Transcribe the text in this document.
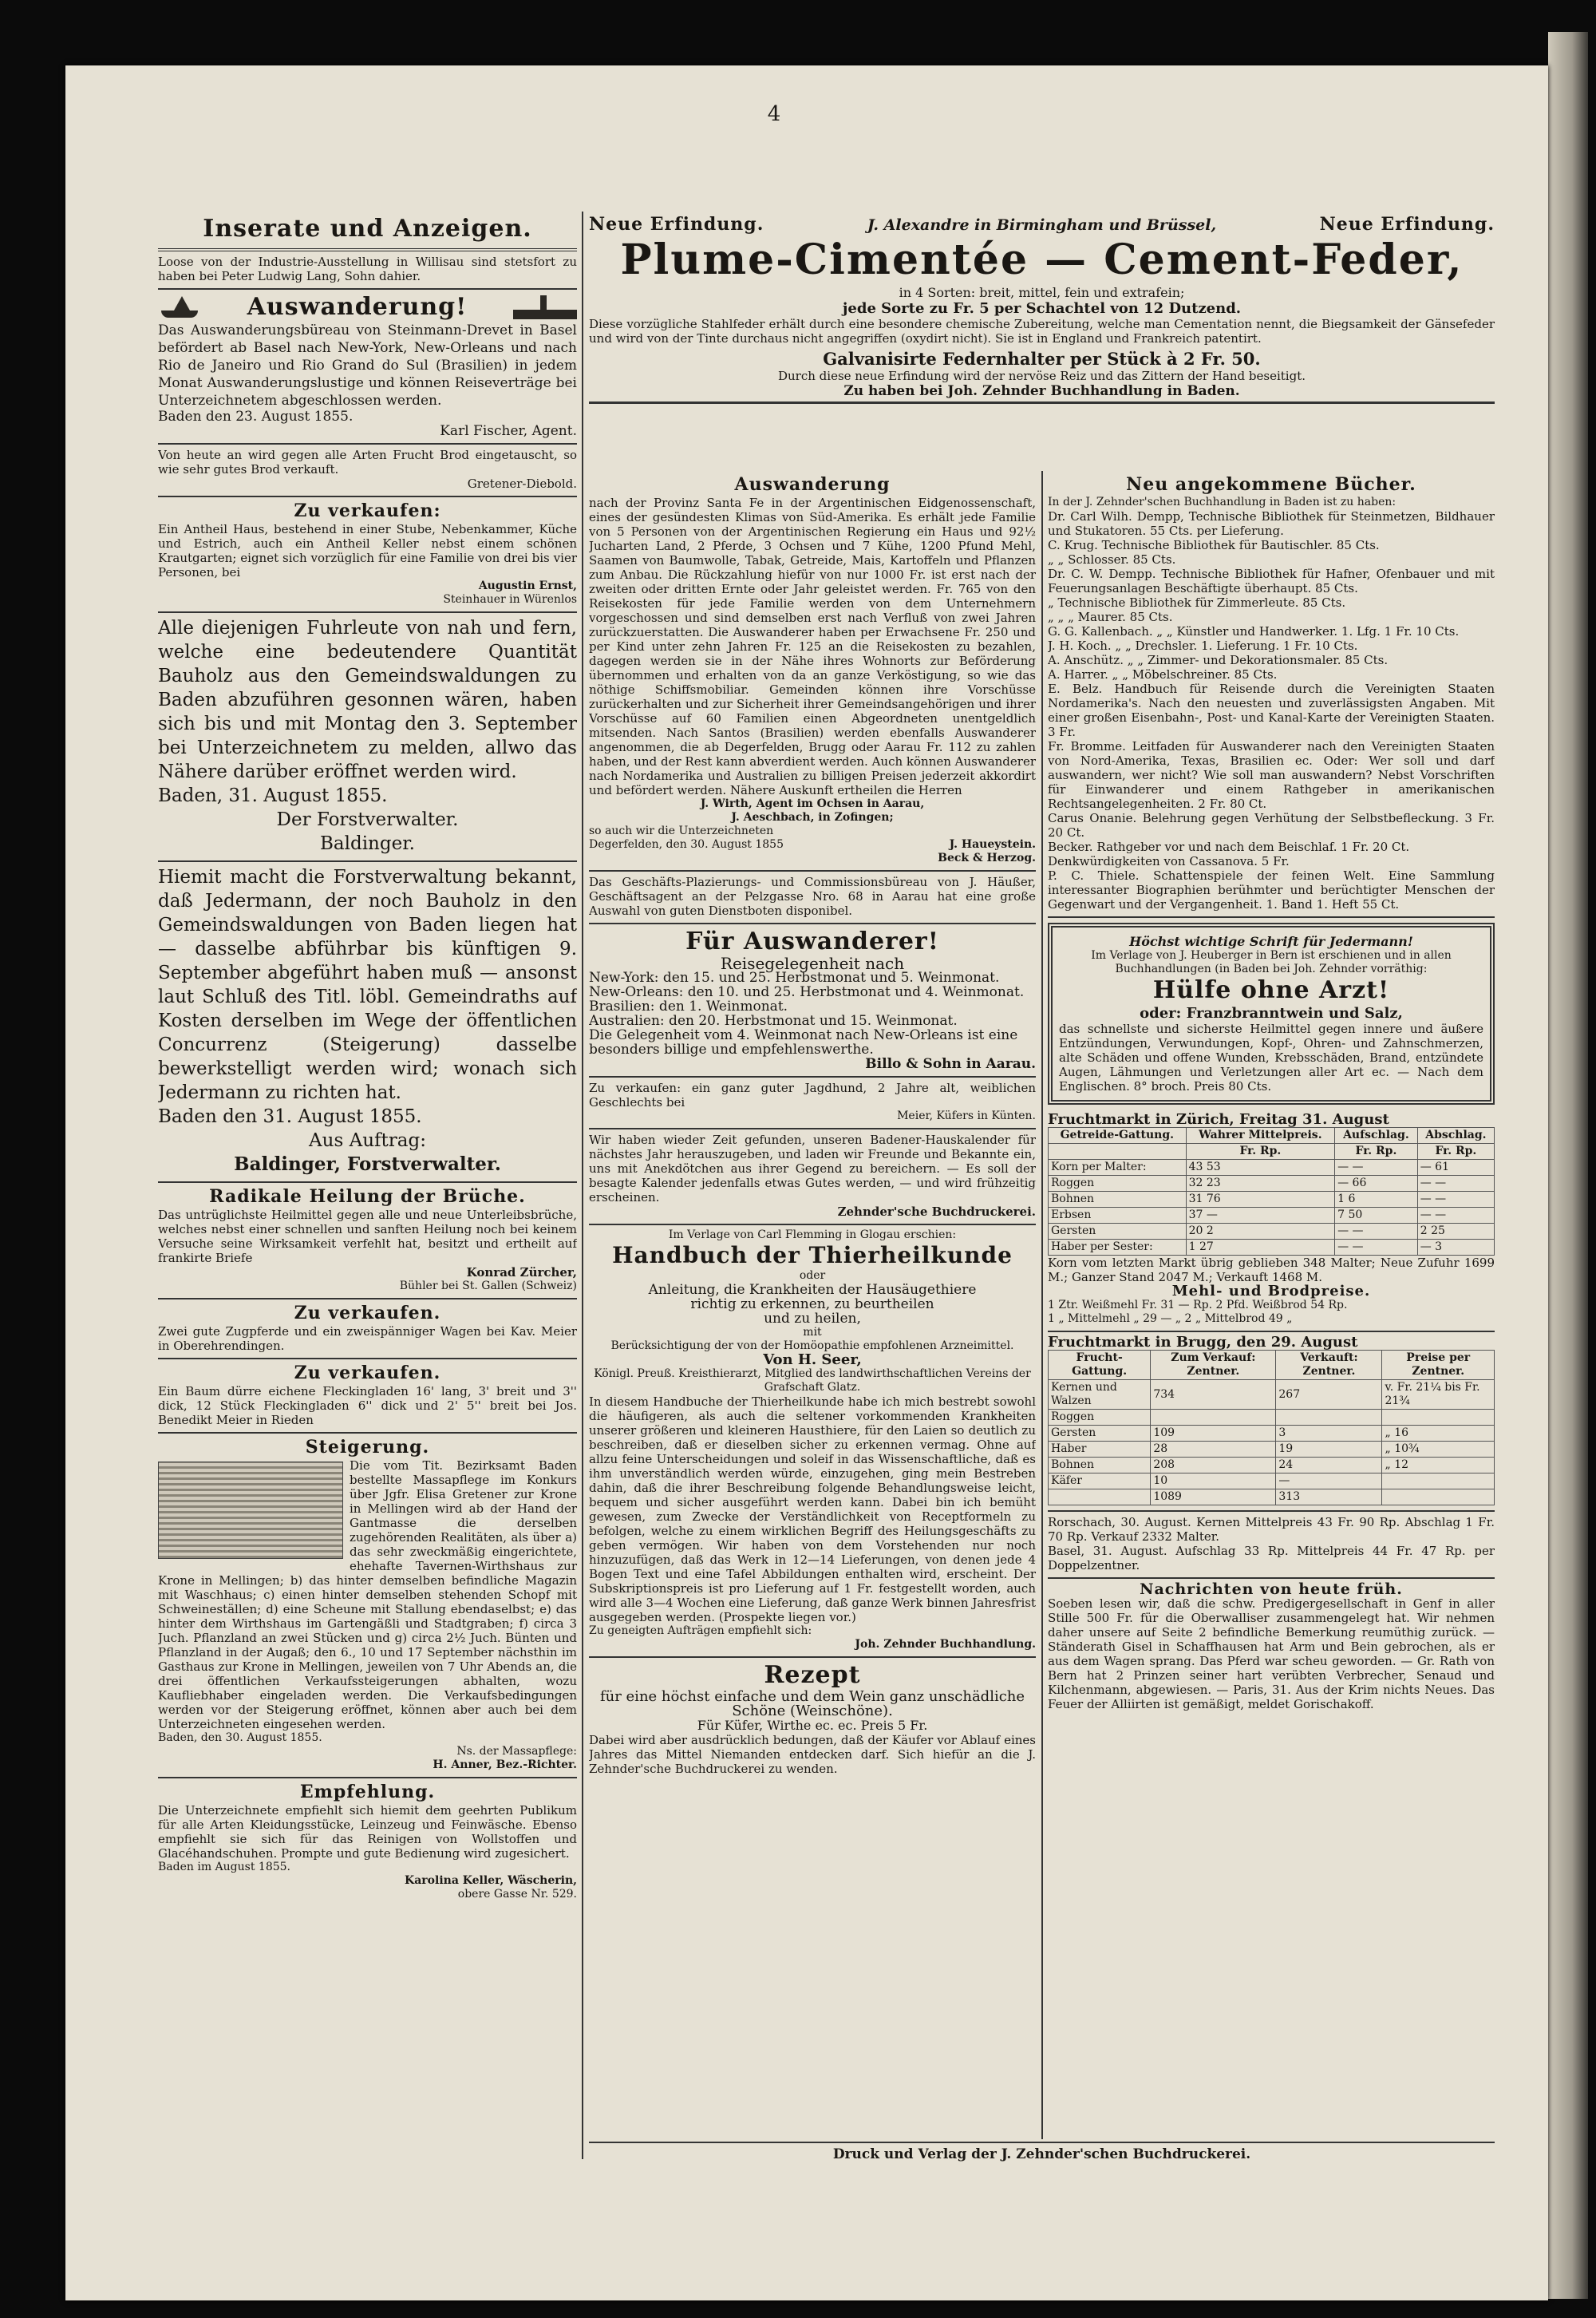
4
Inserate und Anzeigen.
Loose von der Industrie-Ausstellung in Willisau sind stetsfort zu haben bei Peter Ludwig Lang, Sohn dahier.
Auswanderung!
Das Auswanderungsbüreau von Steinmann-Drevet in Basel befördert ab Basel nach New-York, New-Orleans und nach Rio de Janeiro und Rio Grand do Sul (Brasilien) in jedem Monat Auswanderungslustige und können Reiseverträge bei Unterzeichnetem abgeschlossen werden.
Baden den 23. August 1855.
Karl Fischer, Agent.
Von heute an wird gegen alle Arten Frucht Brod eingetauscht, so wie sehr gutes Brod verkauft.
Gretener-Diebold.
Zu verkaufen:
Ein Antheil Haus, bestehend in einer Stube, Nebenkammer, Küche und Estrich, auch ein Antheil Keller nebst einem schönen Krautgarten; eignet sich vorzüglich für eine Familie von drei bis vier Personen, bei
Augustin Ernst,
Steinhauer in Würenlos
Alle diejenigen Fuhrleute von nah und fern, welche eine bedeutendere Quantität Bauholz aus den Gemeindswaldungen zu Baden abzuführen gesonnen wären, haben sich bis und mit Montag den 3. September bei Unterzeichnetem zu melden, allwo das Nähere darüber eröffnet werden wird.
Baden, 31. August 1855.
Der Forstverwalter.
Baldinger.
Hiemit macht die Forstverwaltung bekannt, daß Jedermann, der noch Bauholz in den Gemeindswaldungen von Baden liegen hat — dasselbe abführbar bis künftigen 9. September abgeführt haben muß — ansonst laut Schluß des Titl. löbl. Gemeindraths auf Kosten derselben im Wege der öffentlichen Concurrenz (Steigerung) dasselbe bewerkstelligt werden wird; wonach sich Jedermann zu richten hat.
Baden den 31. August 1855.
Aus Auftrag:
Baldinger, Forstverwalter.
Radikale Heilung der Brüche.
Das untrüglichste Heilmittel gegen alle und neue Unterleibsbrüche, welches nebst einer schnellen und sanften Heilung noch bei keinem Versuche seine Wirksamkeit verfehlt hat, besitzt und ertheilt auf frankirte Briefe
Konrad Zürcher,
Bühler bei St. Gallen (Schweiz)
Zu verkaufen.
Zwei gute Zugpferde und ein zweispänniger Wagen bei Kav. Meier in Oberehrendingen.
Zu verkaufen.
Ein Baum dürre eichene Fleckingladen 16' lang, 3' breit und 3'' dick, 12 Stück Fleckingladen 6'' dick und 2' 5'' breit bei Jos. Benedikt Meier in Rieden
Steigerung.
Die vom Tit. Bezirksamt Baden bestellte Massapflege im Konkurs über Jgfr. Elisa Gretener zur Krone in Mellingen wird ab der Hand der Gantmasse die derselben zugehörenden Realitäten, als über a) das sehr zweckmäßig eingerichtete, ehehafte Tavernen-Wirthshaus zur Krone in Mellingen; b) das hinter demselben befindliche Magazin mit Waschhaus; c) einen hinter demselben stehenden Schopf mit Schweineställen; d) eine Scheune mit Stallung ebendaselbst; e) das hinter dem Wirthshaus im Gartengäßli und Stadtgraben; f) circa 3 Juch. Pflanzland an zwei Stücken und g) circa 2½ Juch. Bünten und Pflanzland in der Augaß; den 6., 10 und 17 September nächsthin im Gasthaus zur Krone in Mellingen, jeweilen von 7 Uhr Abends an, die drei öffentlichen Verkaufssteigerungen abhalten, wozu Kaufliebhaber eingeladen werden. Die Verkaufsbedingungen werden vor der Steigerung eröffnet, können aber auch bei dem Unterzeichneten eingesehen werden.
Baden, den 30. August 1855.
Ns. der Massapflege:
H. Anner, Bez.-Richter.
Empfehlung.
Die Unterzeichnete empfiehlt sich hiemit dem geehrten Publikum für alle Arten Kleidungsstücke, Leinzeug und Feinwäsche. Ebenso empfiehlt sie sich für das Reinigen von Wollstoffen und Glacéhandschuhen. Prompte und gute Bedienung wird zugesichert.
Baden im August 1855.
Karolina Keller, Wäscherin,
obere Gasse Nr. 529.
Neue Erfindung.	J. Alexandre in Birmingham und Brüssel,	Neue Erfindung.
Plume-Cimentée — Cement-Feder,
in 4 Sorten: breit, mittel, fein und extrafein;
jede Sorte zu Fr. 5 per Schachtel von 12 Dutzend.
Diese vorzügliche Stahlfeder erhält durch eine besondere chemische Zubereitung, welche man Cementation nennt, die Biegsamkeit der Gänsefeder und wird von der Tinte durchaus nicht angegriffen (oxydirt nicht). Sie ist in England und Frankreich patentirt.
Galvanisirte Federnhalter per Stück à 2 Fr. 50.
Durch diese neue Erfindung wird der nervöse Reiz und das Zittern der Hand beseitigt.
Zu haben bei Joh. Zehnder Buchhandlung in Baden.
Auswanderung
nach der Provinz Santa Fe in der Argentinischen Eidgenossenschaft, eines der gesündesten Klimas von Süd-Amerika. Es erhält jede Familie von 5 Personen von der Argentinischen Regierung ein Haus und 92½ Jucharten Land, 2 Pferde, 3 Ochsen und 7 Kühe, 1200 Pfund Mehl, Saamen von Baumwolle, Tabak, Getreide, Mais, Kartoffeln und Pflanzen zum Anbau. Die Rückzahlung hiefür von nur 1000 Fr. ist erst nach der zweiten oder dritten Ernte oder Jahr geleistet werden. Fr. 765 von den Reisekosten für jede Familie werden von dem Unternehmern vorgeschossen und sind demselben erst nach Verfluß von zwei Jahren zurückzuerstatten. Die Auswanderer haben per Erwachsene Fr. 250 und per Kind unter zehn Jahren Fr. 125 an die Reisekosten zu bezahlen, dagegen werden sie in der Nähe ihres Wohnorts zur Beförderung übernommen und erhalten von da an ganze Verköstigung, so wie das nöthige Schiffsmobiliar. Gemeinden können ihre Vorschüsse zurückerhalten und zur Sicherheit ihrer Gemeindsangehörigen und ihrer Vorschüsse auf 60 Familien einen Abgeordneten unentgeldlich mitsenden. Nach Santos (Brasilien) werden ebenfalls Auswanderer angenommen, die ab Degerfelden, Brugg oder Aarau Fr. 112 zu zahlen haben, und der Rest kann abverdient werden. Auch können Auswanderer nach Nordamerika und Australien zu billigen Preisen jederzeit akkordirt und befördert werden. Nähere Auskunft ertheilen die Herren
J. Wirth, Agent im Ochsen in Aarau,
J. Aeschbach, in Zofingen;
so auch wir die Unterzeichneten
Degerfelden, den 30. August 1855	J. Haueystein.
Beck & Herzog.
Das Geschäfts-Plazierungs- und Commissionsbüreau von J. Häußer, Geschäftsagent an der Pelzgasse Nro. 68 in Aarau hat eine große Auswahl von guten Dienstboten disponibel.
Für Auswanderer!
Reisegelegenheit nach
New-York: den 15. und 25. Herbstmonat und 5. Weinmonat.
New-Orleans: den 10. und 25. Herbstmonat und 4. Weinmonat.
Brasilien: den 1. Weinmonat.
Australien: den 20. Herbstmonat und 15. Weinmonat.
Die Gelegenheit vom 4. Weinmonat nach New-Orleans ist eine besonders billige und empfehlenswerthe.
Billo & Sohn in Aarau.
Zu verkaufen: ein ganz guter Jagdhund, 2 Jahre alt, weiblichen Geschlechts bei
Meier, Küfers in Künten.
Wir haben wieder Zeit gefunden, unseren Badener-Hauskalender für nächstes Jahr herauszugeben, und laden wir Freunde und Bekannte ein, uns mit Anekdötchen aus ihrer Gegend zu bereichern. — Es soll der besagte Kalender jedenfalls etwas Gutes werden, — und wird frühzeitig erscheinen.
Zehnder'sche Buchdruckerei.
Im Verlage von Carl Flemming in Glogau erschien:
Handbuch der Thierheilkunde
oder
Anleitung, die Krankheiten der Hausäugethiere
richtig zu erkennen, zu beurtheilen
und zu heilen,
mit
Berücksichtigung der von der Homöopathie empfohlenen Arzneimittel.
Von H. Seer,
Königl. Preuß. Kreisthierarzt, Mitglied des landwirthschaftlichen Vereins der Grafschaft Glatz.
In diesem Handbuche der Thierheilkunde habe ich mich bestrebt sowohl die häufigeren, als auch die seltener vorkommenden Krankheiten unserer größeren und kleineren Hausthiere, für den Laien so deutlich zu beschreiben, daß er dieselben sicher zu erkennen vermag. Ohne auf allzu feine Unterscheidungen und soleif in das Wissenschaftliche, daß es ihm unverständlich werden würde, einzugehen, ging mein Bestreben dahin, daß die ihrer Beschreibung folgende Behandlungsweise leicht, bequem und sicher ausgeführt werden kann. Dabei bin ich bemüht gewesen, zum Zwecke der Verständlichkeit von Receptformeln zu befolgen, welche zu einem wirklichen Begriff des Heilungsgeschäfts zu geben vermögen. Wir haben von dem Vorstehenden nur noch hinzuzufügen, daß das Werk in 12—14 Lieferungen, von denen jede 4 Bogen Text und eine Tafel Abbildungen enthalten wird, erscheint. Der Subskriptionspreis ist pro Lieferung auf 1 Fr. festgestellt worden, auch wird alle 3—4 Wochen eine Lieferung, daß ganze Werk binnen Jahresfrist ausgegeben werden. (Prospekte liegen vor.)
Zu geneigten Aufträgen empfiehlt sich:
Joh. Zehnder Buchhandlung.
Rezept
für eine höchst einfache und dem Wein ganz unschädliche Schöne (Weinschöne).
Für Küfer, Wirthe ec. ec. Preis 5 Fr.
Dabei wird aber ausdrücklich bedungen, daß der Käufer vor Ablauf eines Jahres das Mittel Niemanden entdecken darf. Sich hiefür an die J. Zehnder'sche Buchdruckerei zu wenden.
Neu angekommene Bücher.
In der J. Zehnder'schen Buchhandlung in Baden ist zu haben:
Dr. Carl Wilh. Dempp, Technische Bibliothek für Steinmetzen, Bildhauer und Stukatoren. 55 Cts. per Lieferung.
C. Krug. Technische Bibliothek für Bautischler. 85 Cts.
„ „ Schlosser. 85 Cts.
Dr. C. W. Dempp. Technische Bibliothek für Hafner, Ofenbauer und mit Feuerungsanlagen Beschäftigte überhaupt. 85 Cts.
„ Technische Bibliothek für Zimmerleute. 85 Cts.
„ „ „ Maurer. 85 Cts.
G. G. Kallenbach. „ „ Künstler und Handwerker. 1. Lfg. 1 Fr. 10 Cts.
J. H. Koch. „ „ Drechsler. 1. Lieferung. 1 Fr. 10 Cts.
A. Anschütz. „ „ Zimmer- und Dekorationsmaler. 85 Cts.
A. Harrer. „ „ Möbelschreiner. 85 Cts.
E. Belz. Handbuch für Reisende durch die Vereinigten Staaten Nordamerika's. Nach den neuesten und zuverlässigsten Angaben. Mit einer großen Eisenbahn-, Post- und Kanal-Karte der Vereinigten Staaten. 3 Fr.
Fr. Bromme. Leitfaden für Auswanderer nach den Vereinigten Staaten von Nord-Amerika, Texas, Brasilien ec. Oder: Wer soll und darf auswandern, wer nicht? Wie soll man auswandern? Nebst Vorschriften für Einwanderer und einem Rathgeber in amerikanischen Rechtsangelegenheiten. 2 Fr. 80 Ct.
Carus Onanie. Belehrung gegen Verhütung der Selbstbefleckung. 3 Fr. 20 Ct.
Becker. Rathgeber vor und nach dem Beischlaf. 1 Fr. 20 Ct.
Denkwürdigkeiten von Cassanova. 5 Fr.
P. C. Thiele. Schattenspiele der feinen Welt. Eine Sammlung interessanter Biographien berühmter und berüchtigter Menschen der Gegenwart und der Vergangenheit. 1. Band 1. Heft 55 Ct.
Höchst wichtige Schrift für Jedermann!
Im Verlage von J. Heuberger in Bern ist erschienen und in allen Buchhandlungen (in Baden bei Joh. Zehnder vorräthig:
Hülfe ohne Arzt!
oder: Franzbranntwein und Salz,
das schnellste und sicherste Heilmittel gegen innere und äußere Entzündungen, Verwundungen, Kopf-, Ohren- und Zahnschmerzen, alte Schäden und offene Wunden, Krebsschäden, Brand, entzündete Augen, Lähmungen und Verletzungen aller Art ec. — Nach dem Englischen. 8° broch. Preis 80 Cts.
Fruchtmarkt in Zürich, Freitag 31. August
Getreide-Gattung.	Wahrer Mittelpreis.	Aufschlag.	Abschlag.
	Fr. Rp.	Fr. Rp.	Fr. Rp.
Korn per Malter:	43 53	— —	— 61
Roggen	32 23	— 66	— —
Bohnen	31 76	1 6	— —
Erbsen	37 —	7 50	— —
Gersten	20 2	— —	2 25
Haber per Sester:	1 27	— —	— 3
Korn vom letzten Markt übrig geblieben 348 Malter; Neue Zufuhr 1699 M.; Ganzer Stand 2047 M.; Verkauft 1468 M.
Mehl- und Brodpreise.
1 Ztr. Weißmehl Fr. 31 — Rp. 2 Pfd. Weißbrod 54 Rp.
1 „ Mittelmehl „ 29 — „ 2 „ Mittelbrod 49 „
Fruchtmarkt in Brugg, den 29. August
Frucht-Gattung.	Zum Verkauf: Zentner.	Verkauft: Zentner.	Preise per Zentner.
Kernen und Walzen	734	267	v. Fr. 21¼ bis Fr. 21¾
Roggen			
Gersten	109	3	„ 16
Haber	28	19	„ 10¾
Bohnen	208	24	„ 12
Käfer	10	—	
	1089	313	
Rorschach, 30. August. Kernen Mittelpreis 43 Fr. 90 Rp. Abschlag 1 Fr. 70 Rp. Verkauf 2332 Malter.
Basel, 31. August. Aufschlag 33 Rp. Mittelpreis 44 Fr. 47 Rp. per Doppelzentner.
Nachrichten von heute früh.
Soeben lesen wir, daß die schw. Predigergesellschaft in Genf in aller Stille 500 Fr. für die Oberwalliser zusammengelegt hat. Wir nehmen daher unsere auf Seite 2 befindliche Bemerkung reumüthig zurück. — Ständerath Gisel in Schaffhausen hat Arm und Bein gebrochen, als er aus dem Wagen sprang. Das Pferd war scheu geworden. — Gr. Rath von Bern hat 2 Prinzen seiner hart verübten Verbrecher, Senaud und Kilchenmann, abgewiesen. — Paris, 31. Aus der Krim nichts Neues. Das Feuer der Alliirten ist gemäßigt, meldet Gorischakoff.
Druck und Verlag der J. Zehnder'schen Buchdruckerei.
